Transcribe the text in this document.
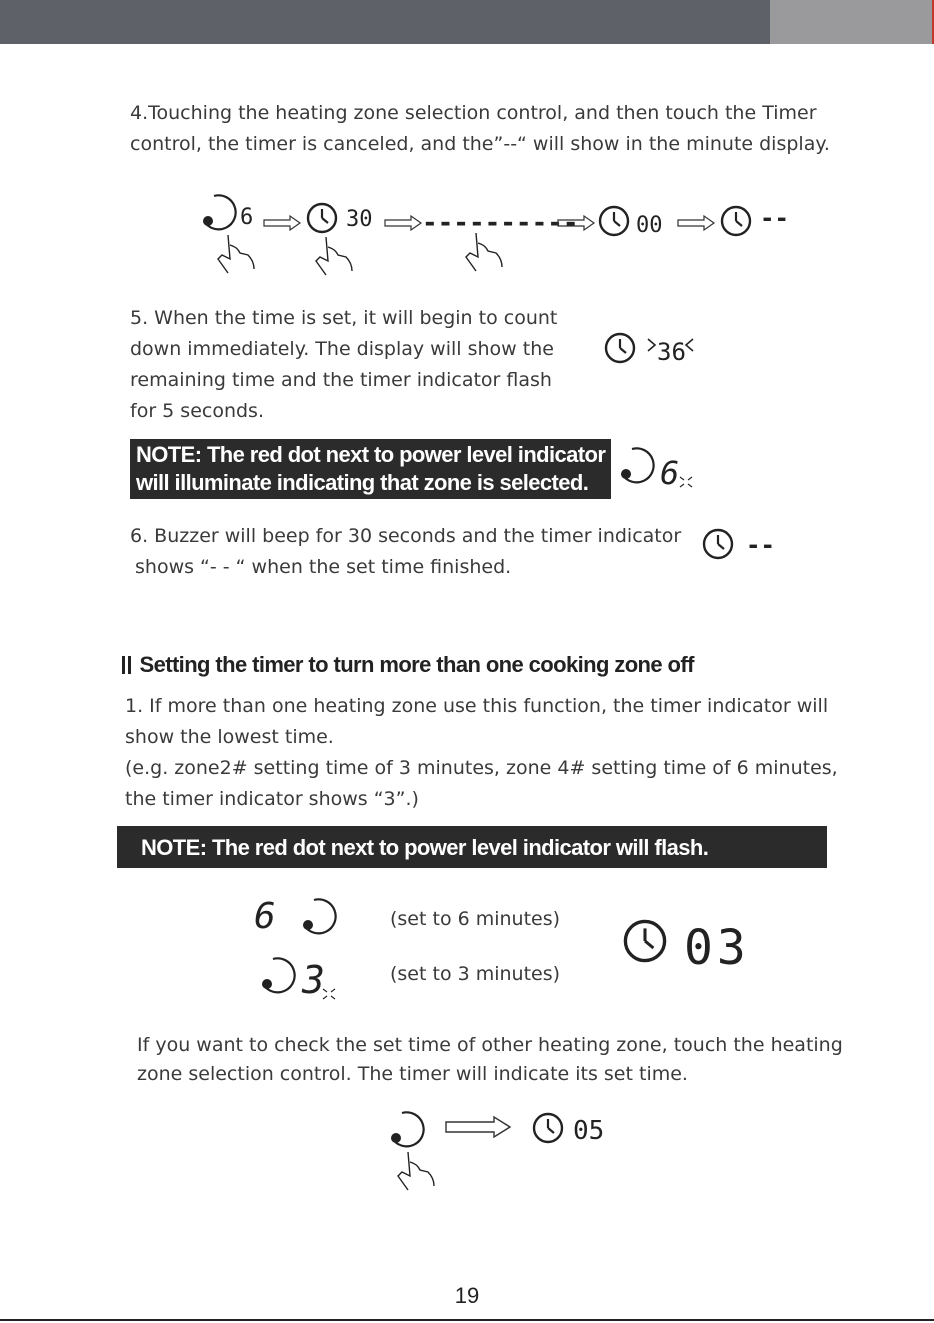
4.Touching the heating zone selection control, and then touch the Timer

control, the timer is canceled, and the”--“ will show in the minute display.

5. When the time is set, it will begin to count

down immediately. The display will show the

remaining time and the timer indicator flash

for 5 seconds.

NOTE: The red dot next to power level indicator
will illuminate indicating that zone is selected.

6. Buzzer will beep for 30 seconds and the timer indicator

shows “- - “ when the set time finished.

Setting the timer to turn more than one cooking zone off

1. If more than one heating zone use this function, the timer indicator will

show the lowest time.

(e.g. zone2# setting time of 3 minutes, zone 4# setting time of 6 minutes,

the timer indicator shows “3”.)

NOTE: The red dot next to power level indicator will flash.

(set to 6 minutes)

(set to 3 minutes)

If you want to check the set time of other heating zone, touch the heating

zone selection control. The timer will indicate its set time.

19
6	30 ----------	00	--
36
6
--
6
3
03
05
